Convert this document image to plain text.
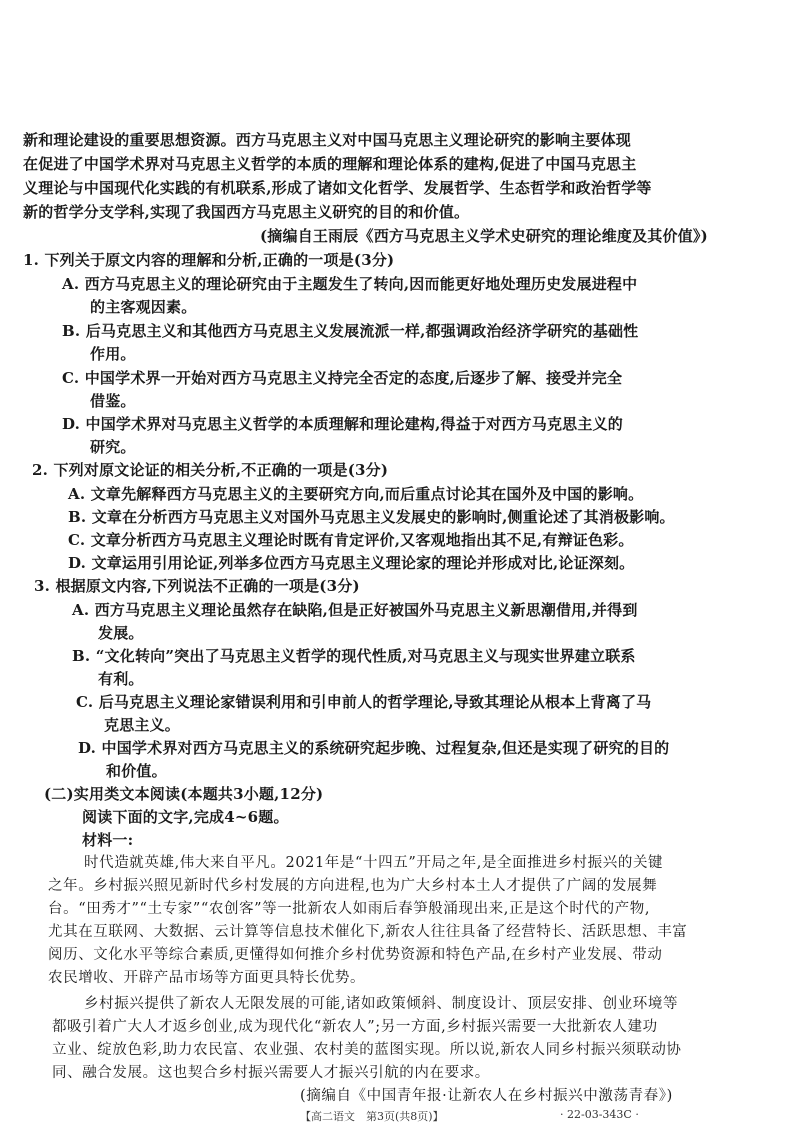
新和理论建设的重要思想资源。西方马克思主义对中国马克思主义理论研究的影响主要体现
在促进了中国学术界对马克思主义哲学的本质的理解和理论体系的建构,促进了中国马克思主
义理论与中国现代化实践的有机联系,形成了诸如文化哲学、发展哲学、生态哲学和政治哲学等
新的哲学分支学科,实现了我国西方马克思主义研究的目的和价值。
(摘编自王雨辰《西方马克思主义学术史研究的理论维度及其价值》)
1. 下列关于原文内容的理解和分析,正确的一项是(3分)
A. 西方马克思主义的理论研究由于主题发生了转向,因而能更好地处理历史发展进程中
的主客观因素。
B. 后马克思主义和其他西方马克思主义发展流派一样,都强调政治经济学研究的基础性
作用。
C. 中国学术界一开始对西方马克思主义持完全否定的态度,后逐步了解、接受并完全
借鉴。
D. 中国学术界对马克思主义哲学的本质理解和理论建构,得益于对西方马克思主义的
研究。
2. 下列对原文论证的相关分析,不正确的一项是(3分)
A. 文章先解释西方马克思主义的主要研究方向,而后重点讨论其在国外及中国的影响。
B. 文章在分析西方马克思主义对国外马克思主义发展史的影响时,侧重论述了其消极影响。
C. 文章分析西方马克思主义理论时既有肯定评价,又客观地指出其不足,有辩证色彩。
D. 文章运用引用论证,列举多位西方马克思主义理论家的理论并形成对比,论证深刻。
3. 根据原文内容,下列说法不正确的一项是(3分)
A. 西方马克思主义理论虽然存在缺陷,但是正好被国外马克思主义新思潮借用,并得到
发展。
B. “文化转向”突出了马克思主义哲学的现代性质,对马克思主义与现实世界建立联系
有利。
C. 后马克思主义理论家错误利用和引申前人的哲学理论,导致其理论从根本上背离了马
克思主义。
D. 中国学术界对西方马克思主义的系统研究起步晚、过程复杂,但还是实现了研究的目的
和价值。
(二)实用类文本阅读(本题共3小题,12分)
阅读下面的文字,完成4~6题。
材料一:
时代造就英雄,伟大来自平凡。2021年是“十四五”开局之年,是全面推进乡村振兴的关键
之年。乡村振兴照见新时代乡村发展的方向进程,也为广大乡村本土人才提供了广阔的发展舞
台。“田秀才”“土专家”“农创客”等一批新农人如雨后春笋般涌现出来,正是这个时代的产物,
尤其在互联网、大数据、云计算等信息技术催化下,新农人往往具备了经营特长、活跃思想、丰富
阅历、文化水平等综合素质,更懂得如何推介乡村优势资源和特色产品,在乡村产业发展、带动
农民增收、开辟产品市场等方面更具特长优势。
乡村振兴提供了新农人无限发展的可能,诸如政策倾斜、制度设计、顶层安排、创业环境等
都吸引着广大人才返乡创业,成为现代化“新农人”;另一方面,乡村振兴需要一大批新农人建功
立业、绽放色彩,助力农民富、农业强、农村美的蓝图实现。所以说,新农人同乡村振兴须联动协
同、融合发展。这也契合乡村振兴需要人才振兴引航的内在要求。
(摘编自《中国青年报·让新农人在乡村振兴中激荡青春》)
【高二语文　第3页(共8页)】	· 22-03-343C ·
